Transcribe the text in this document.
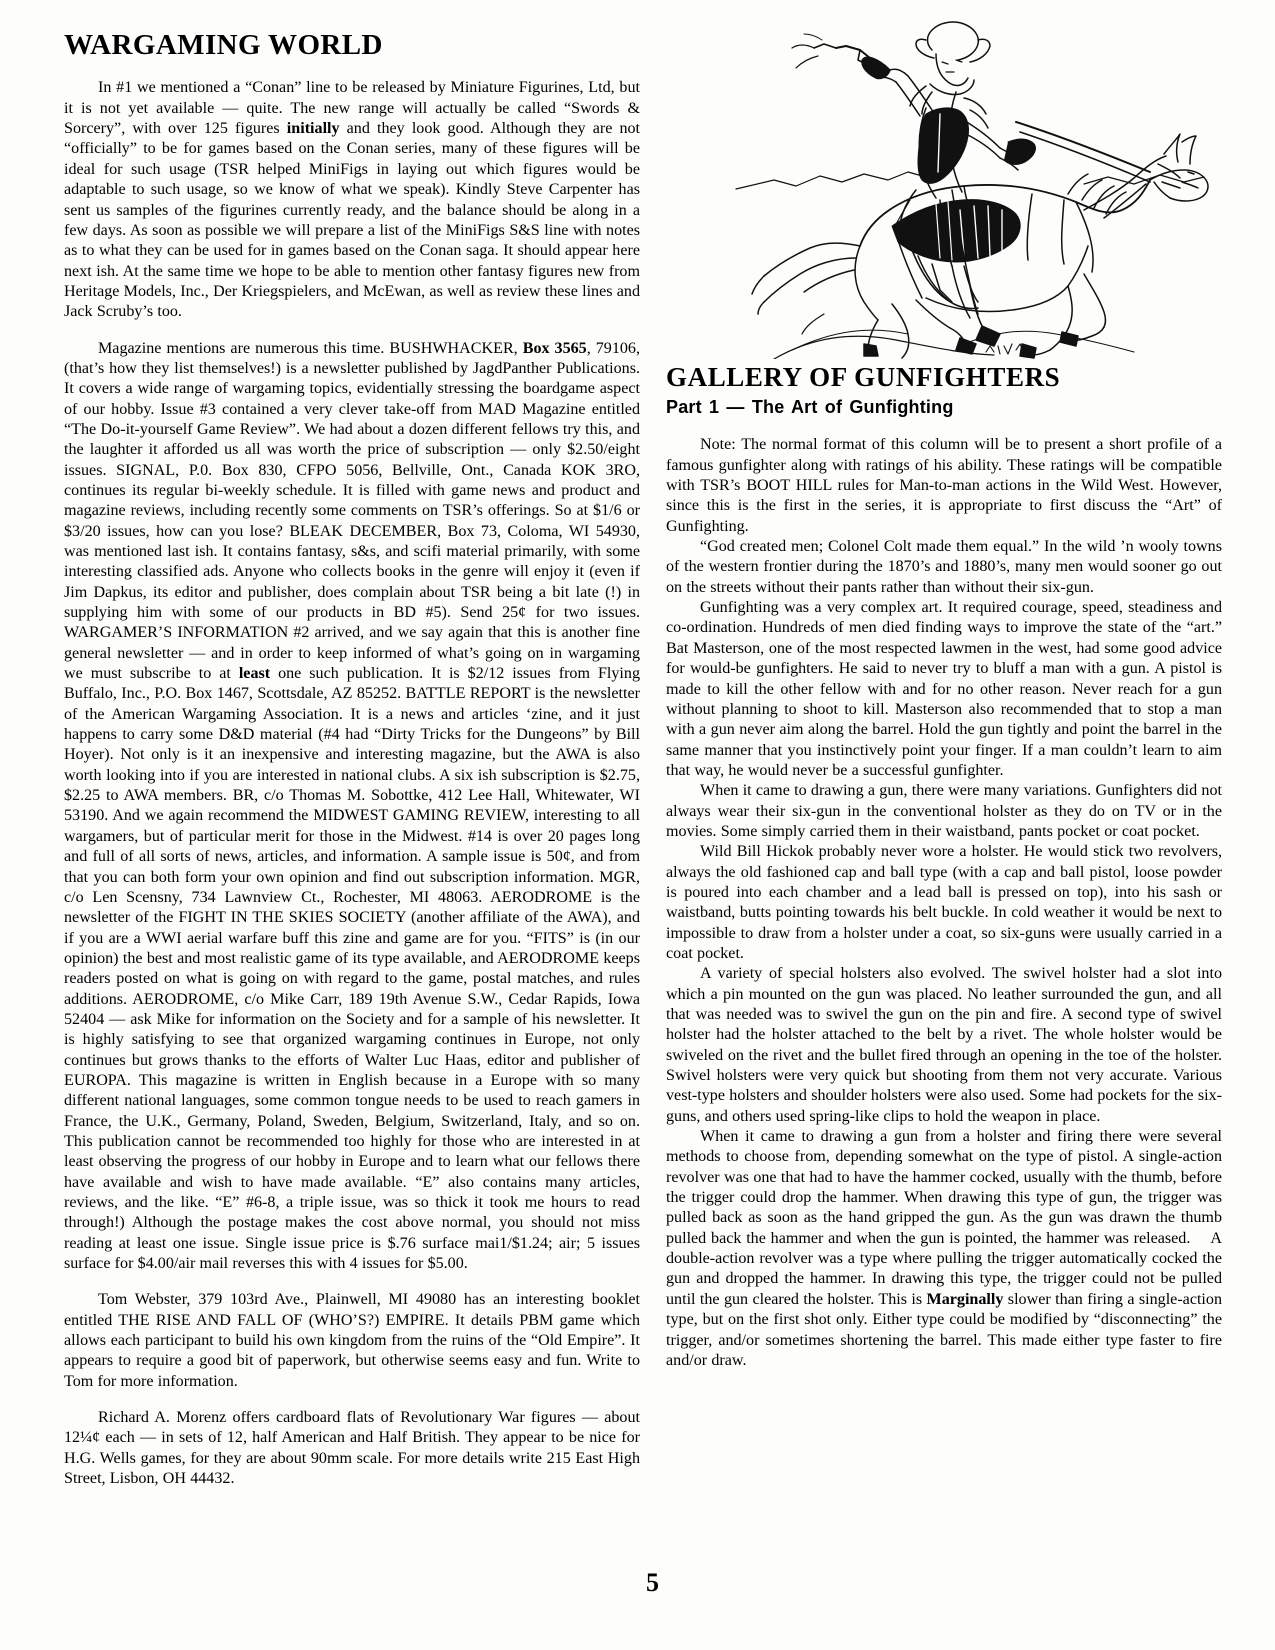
WARGAMING WORLD

In #1 we mentioned a “Conan” line to be released by Miniature Figurines, Ltd, but it is not yet available — quite. The new range will actually be called “Swords & Sorcery”, with over 125 figures initially and they look good. Although they are not “officially” to be for games based on the Conan series, many of these figures will be ideal for such usage (TSR helped MiniFigs in laying out which figures would be adaptable to such usage, so we know of what we speak). Kindly Steve Carpenter has sent us samples of the figurines currently ready, and the balance should be along in a few days. As soon as possible we will prepare a list of the MiniFigs S&S line with notes as to what they can be used for in games based on the Conan saga. It should appear here next ish. At the same time we hope to be able to mention other fantasy figures new from Heritage Models, Inc., Der Kriegspielers, and McEwan, as well as review these lines and Jack Scruby’s too.

Magazine mentions are numerous this time. BUSHWHACKER, Box 3565, 79106, (that’s how they list themselves!) is a newsletter published by JagdPanther Publications. It covers a wide range of wargaming topics, evidentially stressing the boardgame aspect of our hobby. Issue #3 contained a very clever take-off from MAD Magazine entitled “The Do-it-yourself Game Review”. We had about a dozen different fellows try this, and the laughter it afforded us all was worth the price of subscription — only $2.50/eight issues. SIGNAL, P.0. Box 830, CFPO 5056, Bellville, Ont., Canada KOK 3RO, continues its regular bi-weekly schedule. It is filled with game news and product and magazine reviews, including recently some comments on TSR’s offerings. So at $1/6 or $3/20 issues, how can you lose? BLEAK DECEMBER, Box 73, Coloma, WI 54930, was mentioned last ish. It contains fantasy, s&s, and scifi material primarily, with some interesting classified ads. Anyone who collects books in the genre will enjoy it (even if Jim Dapkus, its editor and publisher, does complain about TSR being a bit late (!) in supplying him with some of our products in BD #5). Send 25¢ for two issues. WARGAMER’S INFORMATION #2 arrived, and we say again that this is another fine general newsletter — and in order to keep informed of what’s going on in wargaming we must subscribe to at least one such publication. It is $2/12 issues from Flying Buffalo, Inc., P.O. Box 1467, Scottsdale, AZ 85252. BATTLE REPORT is the newsletter of the American Wargaming Association. It is a news and articles ‘zine, and it just happens to carry some D&D material (#4 had “Dirty Tricks for the Dungeons” by Bill Hoyer). Not only is it an inexpensive and interesting magazine, but the AWA is also worth looking into if you are interested in national clubs. A six ish subscription is $2.75, $2.25 to AWA members. BR, c/o Thomas M. Sobottke, 412 Lee Hall, Whitewater, WI 53190. And we again recommend the MIDWEST GAMING REVIEW, interesting to all wargamers, but of particular merit for those in the Midwest. #14 is over 20 pages long and full of all sorts of news, articles, and information. A sample issue is 50¢, and from that you can both form your own opinion and find out subscription information. MGR, c/o Len Scensny, 734 Lawnview Ct., Rochester, MI 48063. AERODROME is the newsletter of the FIGHT IN THE SKIES SOCIETY (another affiliate of the AWA), and if you are a WWI aerial warfare buff this zine and game are for you. “FITS” is (in our opinion) the best and most realistic game of its type available, and AERODROME keeps readers posted on what is going on with regard to the game, postal matches, and rules additions. AERODROME, c/o Mike Carr, 189 19th Avenue S.W., Cedar Rapids, Iowa 52404 — ask Mike for information on the Society and for a sample of his newsletter. It is highly satisfying to see that organized wargaming continues in Europe, not only continues but grows thanks to the efforts of Walter Luc Haas, editor and publisher of EUROPA. This magazine is written in English because in a Europe with so many different national languages, some common tongue needs to be used to reach gamers in France, the U.K., Germany, Poland, Sweden, Belgium, Switzerland, Italy, and so on. This publication cannot be recommended too highly for those who are interested in at least observing the progress of our hobby in Europe and to learn what our fellows there have available and wish to have made available. “E” also contains many articles, reviews, and the like. “E” #6-8, a triple issue, was so thick it took me hours to read through!) Although the postage makes the cost above normal, you should not miss reading at least one issue. Single issue price is $.76 surface mai1/$1.24; air; 5 issues surface for $4.00/air mail reverses this with 4 issues for $5.00.

Tom Webster, 379 103rd Ave., Plainwell, MI 49080 has an interesting booklet entitled THE RISE AND FALL OF (WHO’S?) EMPIRE. It details PBM game which allows each participant to build his own kingdom from the ruins of the “Old Empire”. It appears to require a good bit of paperwork, but otherwise seems easy and fun. Write to Tom for more information.

Richard A. Morenz offers cardboard flats of Revolutionary War figures — about 12¼¢ each — in sets of 12, half American and Half British. They appear to be nice for H.G. Wells games, for they are about 90mm scale. For more details write 215 East High Street, Lisbon, OH 44432.

GALLERY OF GUNFIGHTERS
Part 1 — The Art of Gunfighting

Note: The normal format of this column will be to present a short profile of a famous gunfighter along with ratings of his ability. These ratings will be compatible with TSR’s BOOT HILL rules for Man-to-man actions in the Wild West. However, since this is the first in the series, it is appropriate to first discuss the “Art” of Gunfighting.

“God created men; Colonel Colt made them equal.” In the wild ’n wooly towns of the western frontier during the 1870’s and 1880’s, many men would sooner go out on the streets without their pants rather than without their six-gun.

Gunfighting was a very complex art. It required courage, speed, steadiness and co-ordination. Hundreds of men died finding ways to improve the state of the “art.” Bat Masterson, one of the most respected lawmen in the west, had some good advice for would-be gunfighters. He said to never try to bluff a man with a gun. A pistol is made to kill the other fellow with and for no other reason. Never reach for a gun without planning to shoot to kill. Masterson also recommended that to stop a man with a gun never aim along the barrel. Hold the gun tightly and point the barrel in the same manner that you instinctively point your finger. If a man couldn’t learn to aim that way, he would never be a successful gunfighter.

When it came to drawing a gun, there were many variations. Gunfighters did not always wear their six-gun in the conventional holster as they do on TV or in the movies. Some simply carried them in their waistband, pants pocket or coat pocket.

Wild Bill Hickok probably never wore a holster. He would stick two revolvers, always the old fashioned cap and ball type (with a cap and ball pistol, loose powder is poured into each chamber and a lead ball is pressed on top), into his sash or waistband, butts pointing towards his belt buckle. In cold weather it would be next to impossible to draw from a holster under a coat, so six-guns were usually carried in a coat pocket.

A variety of special holsters also evolved. The swivel holster had a slot into which a pin mounted on the gun was placed. No leather surrounded the gun, and all that was needed was to swivel the gun on the pin and fire. A second type of swivel holster had the holster attached to the belt by a rivet. The whole holster would be swiveled on the rivet and the bullet fired through an opening in the toe of the holster. Swivel holsters were very quick but shooting from them not very accurate. Various vest-type holsters and shoulder holsters were also used. Some had pockets for the six-guns, and others used spring-like clips to hold the weapon in place.

When it came to drawing a gun from a holster and firing there were several methods to choose from, depending somewhat on the type of pistol. A single-action revolver was one that had to have the hammer cocked, usually with the thumb, before the trigger could drop the hammer. When drawing this type of gun, the trigger was pulled back as soon as the hand gripped the gun. As the gun was drawn the thumb pulled back the hammer and when the gun is pointed, the hammer was released.  A double-action revolver was a type where pulling the trigger automatically cocked the gun and dropped the hammer. In drawing this type, the trigger could not be pulled until the gun cleared the holster. This is Marginally slower than firing a single-action type, but on the first shot only. Either type could be modified by “disconnecting” the trigger, and/or sometimes shortening the barrel. This made either type faster to fire and/or draw.

5
